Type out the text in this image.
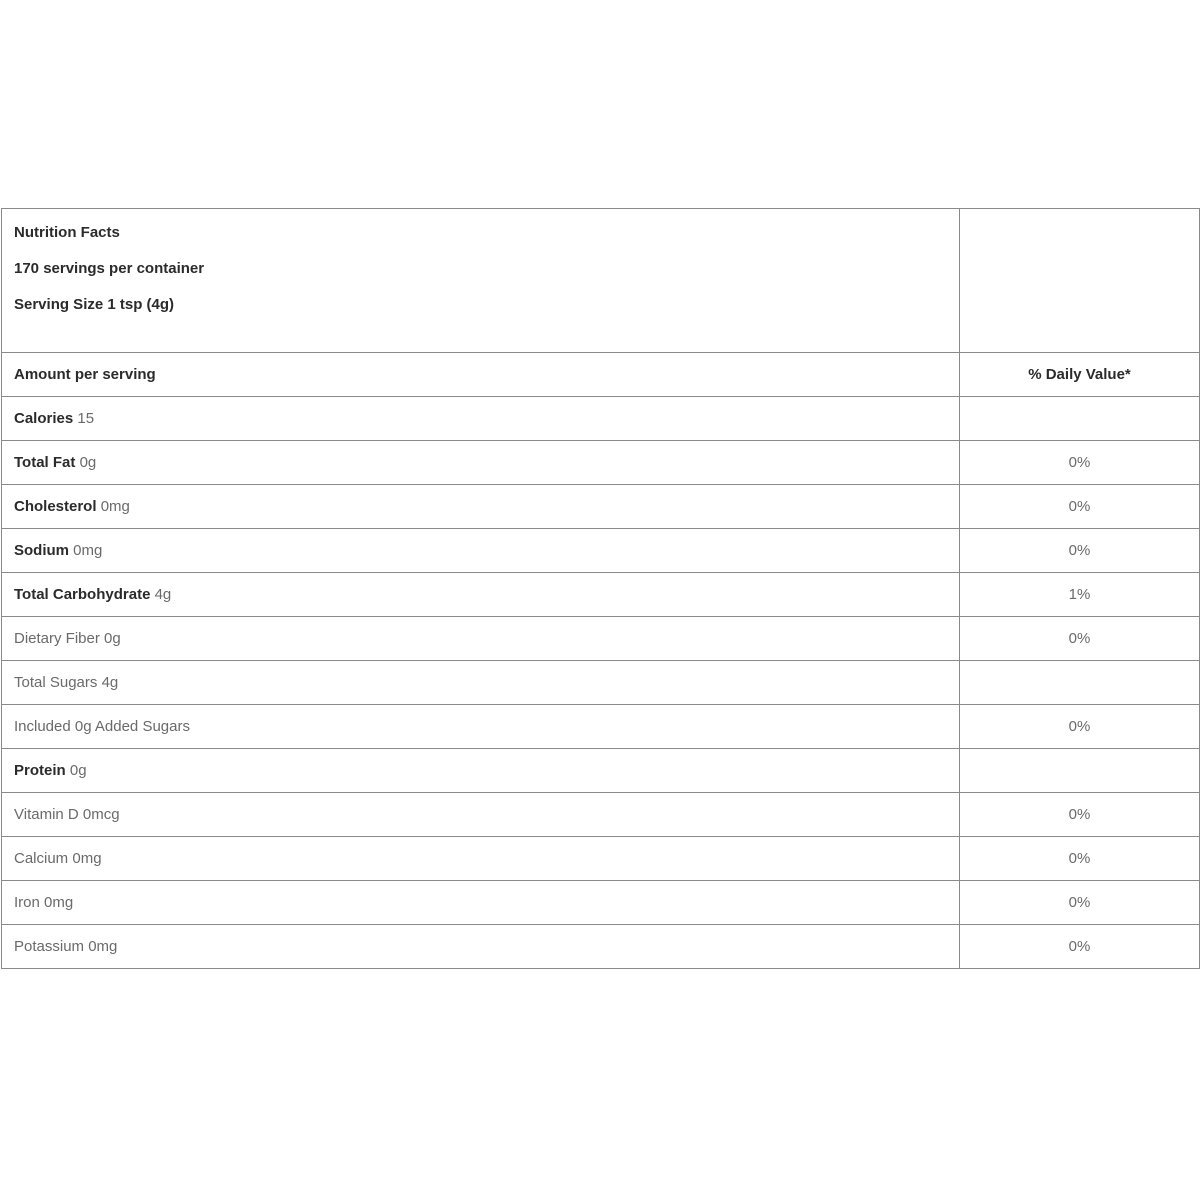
Nutrition Facts
170 servings per container
Serving Size 1 tsp (4g)	

Amount per serving	% Daily Value*
Calories 15	
Total Fat 0g	0%
Cholesterol 0mg	0%
Sodium 0mg	0%
Total Carbohydrate 4g	1%
Dietary Fiber 0g	0%
Total Sugars 4g	
Included 0g Added Sugars	0%
Protein 0g	
Vitamin D 0mcg	0%
Calcium 0mg	0%
Iron 0mg	0%
Potassium 0mg	0%
